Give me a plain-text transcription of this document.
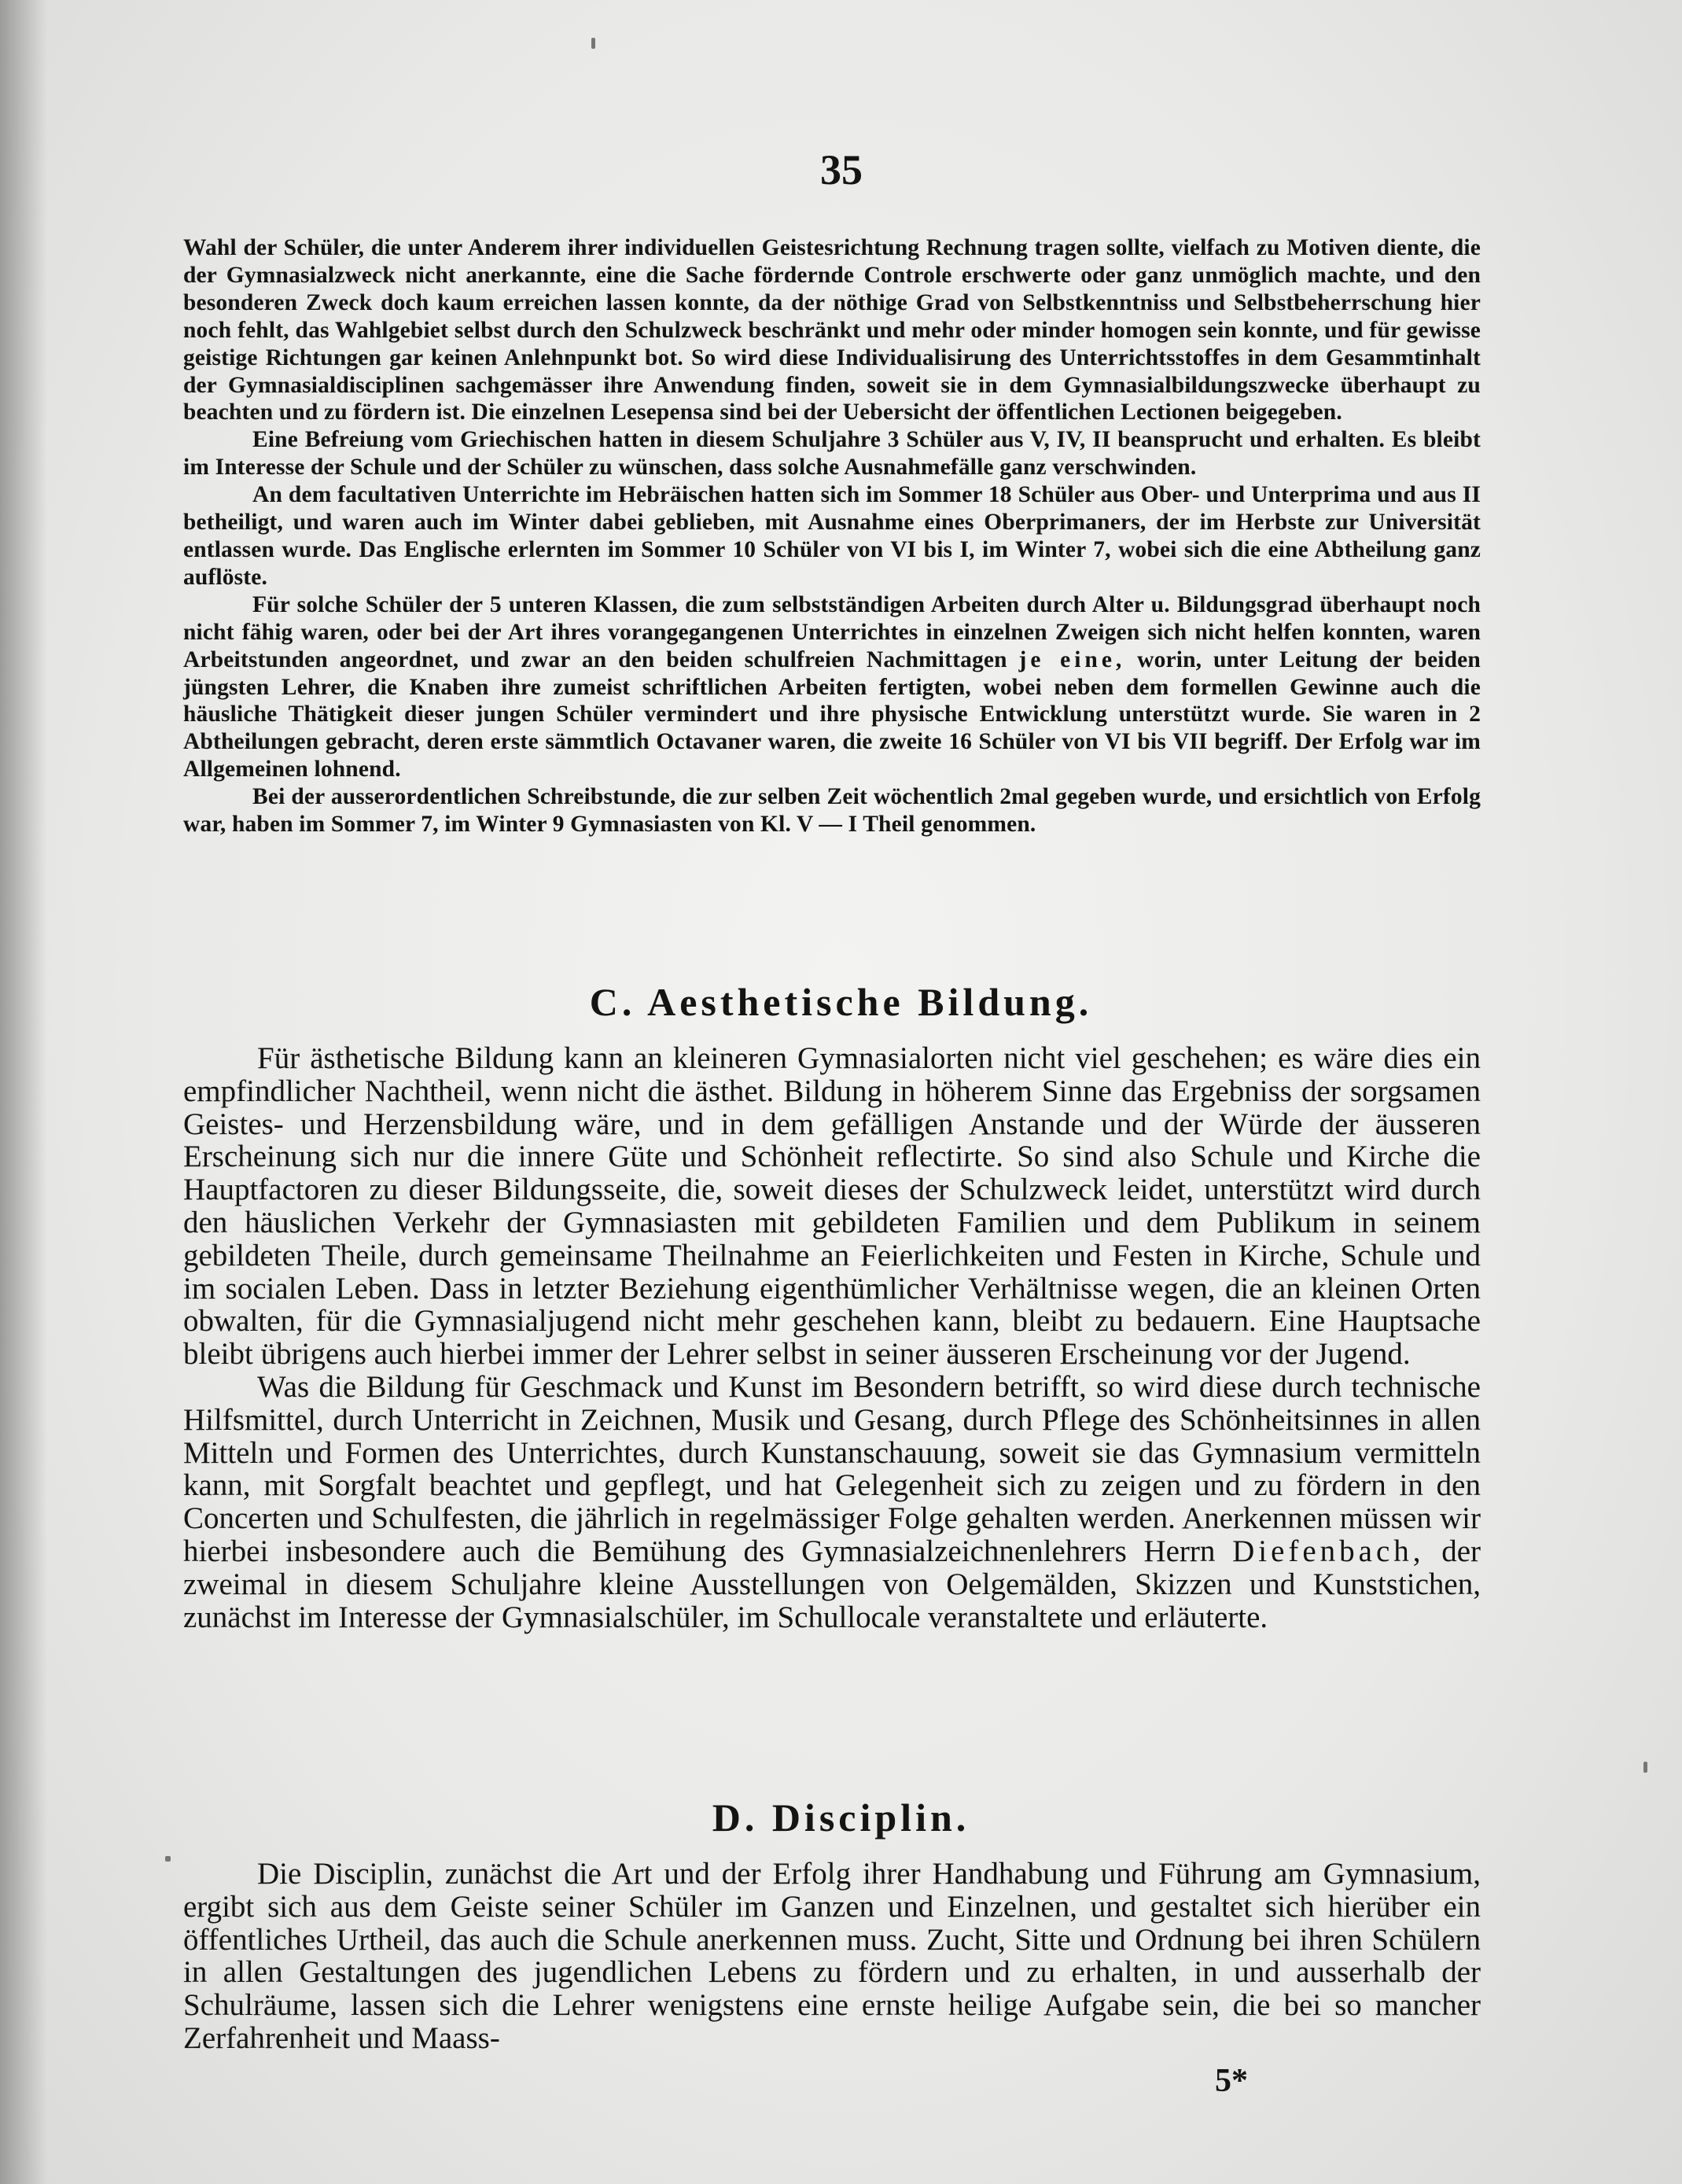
35

Wahl der Schüler, die unter Anderem ihrer individuellen Geistesrichtung Rechnung tragen sollte, vielfach zu Motiven diente, die der Gymnasialzweck nicht anerkannte, eine die Sache fördernde Controle erschwerte oder ganz unmöglich machte, und den besonderen Zweck doch kaum erreichen lassen konnte, da der nöthige Grad von Selbstkenntniss und Selbstbeherrschung hier noch fehlt, das Wahlgebiet selbst durch den Schulzweck beschränkt und mehr oder minder homogen sein konnte, und für gewisse geistige Richtungen gar keinen Anlehnpunkt bot. So wird diese Individualisirung des Unterrichtsstoffes in dem Gesammtinhalt der Gymnasialdisciplinen sachgemässer ihre Anwendung finden, soweit sie in dem Gymnasialbildungszwecke überhaupt zu beachten und zu fördern ist. Die einzelnen Lesepensa sind bei der Uebersicht der öffentlichen Lectionen beigegeben.

Eine Befreiung vom Griechischen hatten in diesem Schuljahre 3 Schüler aus V, IV, II beansprucht und erhalten. Es bleibt im Interesse der Schule und der Schüler zu wünschen, dass solche Ausnahmefälle ganz verschwinden.

An dem facultativen Unterrichte im Hebräischen hatten sich im Sommer 18 Schüler aus Ober- und Unterprima und aus II betheiligt, und waren auch im Winter dabei geblieben, mit Ausnahme eines Oberprimaners, der im Herbste zur Universität entlassen wurde. Das Englische erlernten im Sommer 10 Schüler von VI bis I, im Winter 7, wobei sich die eine Abtheilung ganz auflöste.

Für solche Schüler der 5 unteren Klassen, die zum selbstständigen Arbeiten durch Alter u. Bildungsgrad überhaupt noch nicht fähig waren, oder bei der Art ihres vorangegangenen Unterrichtes in einzelnen Zweigen sich nicht helfen konnten, waren Arbeitstunden angeordnet, und zwar an den beiden schulfreien Nachmittagen je eine, worin, unter Leitung der beiden jüngsten Lehrer, die Knaben ihre zumeist schriftlichen Arbeiten fertigten, wobei neben dem formellen Gewinne auch die häusliche Thätigkeit dieser jungen Schüler vermindert und ihre physische Entwicklung unterstützt wurde. Sie waren in 2 Abtheilungen gebracht, deren erste sämmtlich Octavaner waren, die zweite 16 Schüler von VI bis VII begriff. Der Erfolg war im Allgemeinen lohnend.

Bei der ausserordentlichen Schreibstunde, die zur selben Zeit wöchentlich 2mal gegeben wurde, und ersichtlich von Erfolg war, haben im Sommer 7, im Winter 9 Gymnasiasten von Kl. V — I Theil genommen.

C. Aesthetische Bildung.

Für ästhetische Bildung kann an kleineren Gymnasialorten nicht viel geschehen; es wäre dies ein empfindlicher Nachtheil, wenn nicht die ästhet. Bildung in höherem Sinne das Ergebniss der sorgsamen Geistes- und Herzensbildung wäre, und in dem gefälligen Anstande und der Würde der äusseren Erscheinung sich nur die innere Güte und Schönheit reflectirte. So sind also Schule und Kirche die Hauptfactoren zu dieser Bildungsseite, die, soweit dieses der Schulzweck leidet, unterstützt wird durch den häuslichen Verkehr der Gymnasiasten mit gebildeten Familien und dem Publikum in seinem gebildeten Theile, durch gemeinsame Theilnahme an Feierlichkeiten und Festen in Kirche, Schule und im socialen Leben. Dass in letzter Beziehung eigenthümlicher Verhältnisse wegen, die an kleinen Orten obwalten, für die Gymnasialjugend nicht mehr geschehen kann, bleibt zu bedauern. Eine Hauptsache bleibt übrigens auch hierbei immer der Lehrer selbst in seiner äusseren Erscheinung vor der Jugend.

Was die Bildung für Geschmack und Kunst im Besondern betrifft, so wird diese durch technische Hilfsmittel, durch Unterricht in Zeichnen, Musik und Gesang, durch Pflege des Schönheitsinnes in allen Mitteln und Formen des Unterrichtes, durch Kunstanschauung, soweit sie das Gymnasium vermitteln kann, mit Sorgfalt beachtet und gepflegt, und hat Gelegenheit sich zu zeigen und zu fördern in den Concerten und Schulfesten, die jährlich in regelmässiger Folge gehalten werden. Anerkennen müssen wir hierbei insbesondere auch die Bemühung des Gymnasialzeichnenlehrers Herrn Diefenbach, der zweimal in diesem Schuljahre kleine Ausstellungen von Oelgemälden, Skizzen und Kunststichen, zunächst im Interesse der Gymnasialschüler, im Schullocale veranstaltete und erläuterte.

D. Disciplin.

Die Disciplin, zunächst die Art und der Erfolg ihrer Handhabung und Führung am Gymnasium, ergibt sich aus dem Geiste seiner Schüler im Ganzen und Einzelnen, und gestaltet sich hierüber ein öffentliches Urtheil, das auch die Schule anerkennen muss. Zucht, Sitte und Ordnung bei ihren Schülern in allen Gestaltungen des jugendlichen Lebens zu fördern und zu erhalten, in und ausserhalb der Schulräume, lassen sich die Lehrer wenigstens eine ernste heilige Aufgabe sein, die bei so mancher Zerfahrenheit und Maass-

5*
